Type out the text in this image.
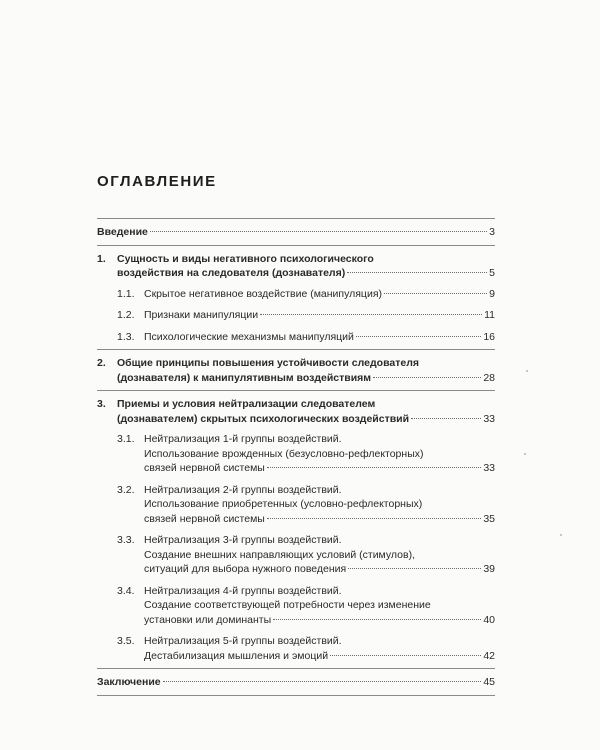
ОГЛАВЛЕНИЕ
Введение	3
1. Сущность и виды негативного психологического
воздействия на следователя (дознавателя)	5
1.1. Скрытое негативное воздействие (манипуляция)	9
1.2. Признаки манипуляции	11
1.3. Психологические механизмы манипуляций	16
2. Общие принципы повышения устойчивости следователя
(дознавателя) к манипулятивным воздействиям	28
3. Приемы и условия нейтрализации следователем
(дознавателем) скрытых психологических воздействий	33
3.1. Нейтрализация 1-й группы воздействий.
Использование врожденных (безусловно-рефлекторных)
связей нервной системы	33
3.2. Нейтрализация 2-й группы воздействий.
Использование приобретенных (условно-рефлекторных)
связей нервной системы	35
3.3. Нейтрализация 3-й группы воздействий.
Создание внешних направляющих условий (стимулов),
ситуаций для выбора нужного поведения	39
3.4. Нейтрализация 4-й группы воздействий.
Создание соответствующей потребности через изменение
установки или доминанты	40
3.5. Нейтрализация 5-й группы воздействий.
Дестабилизация мышления и эмоций	42
Заключение	45
